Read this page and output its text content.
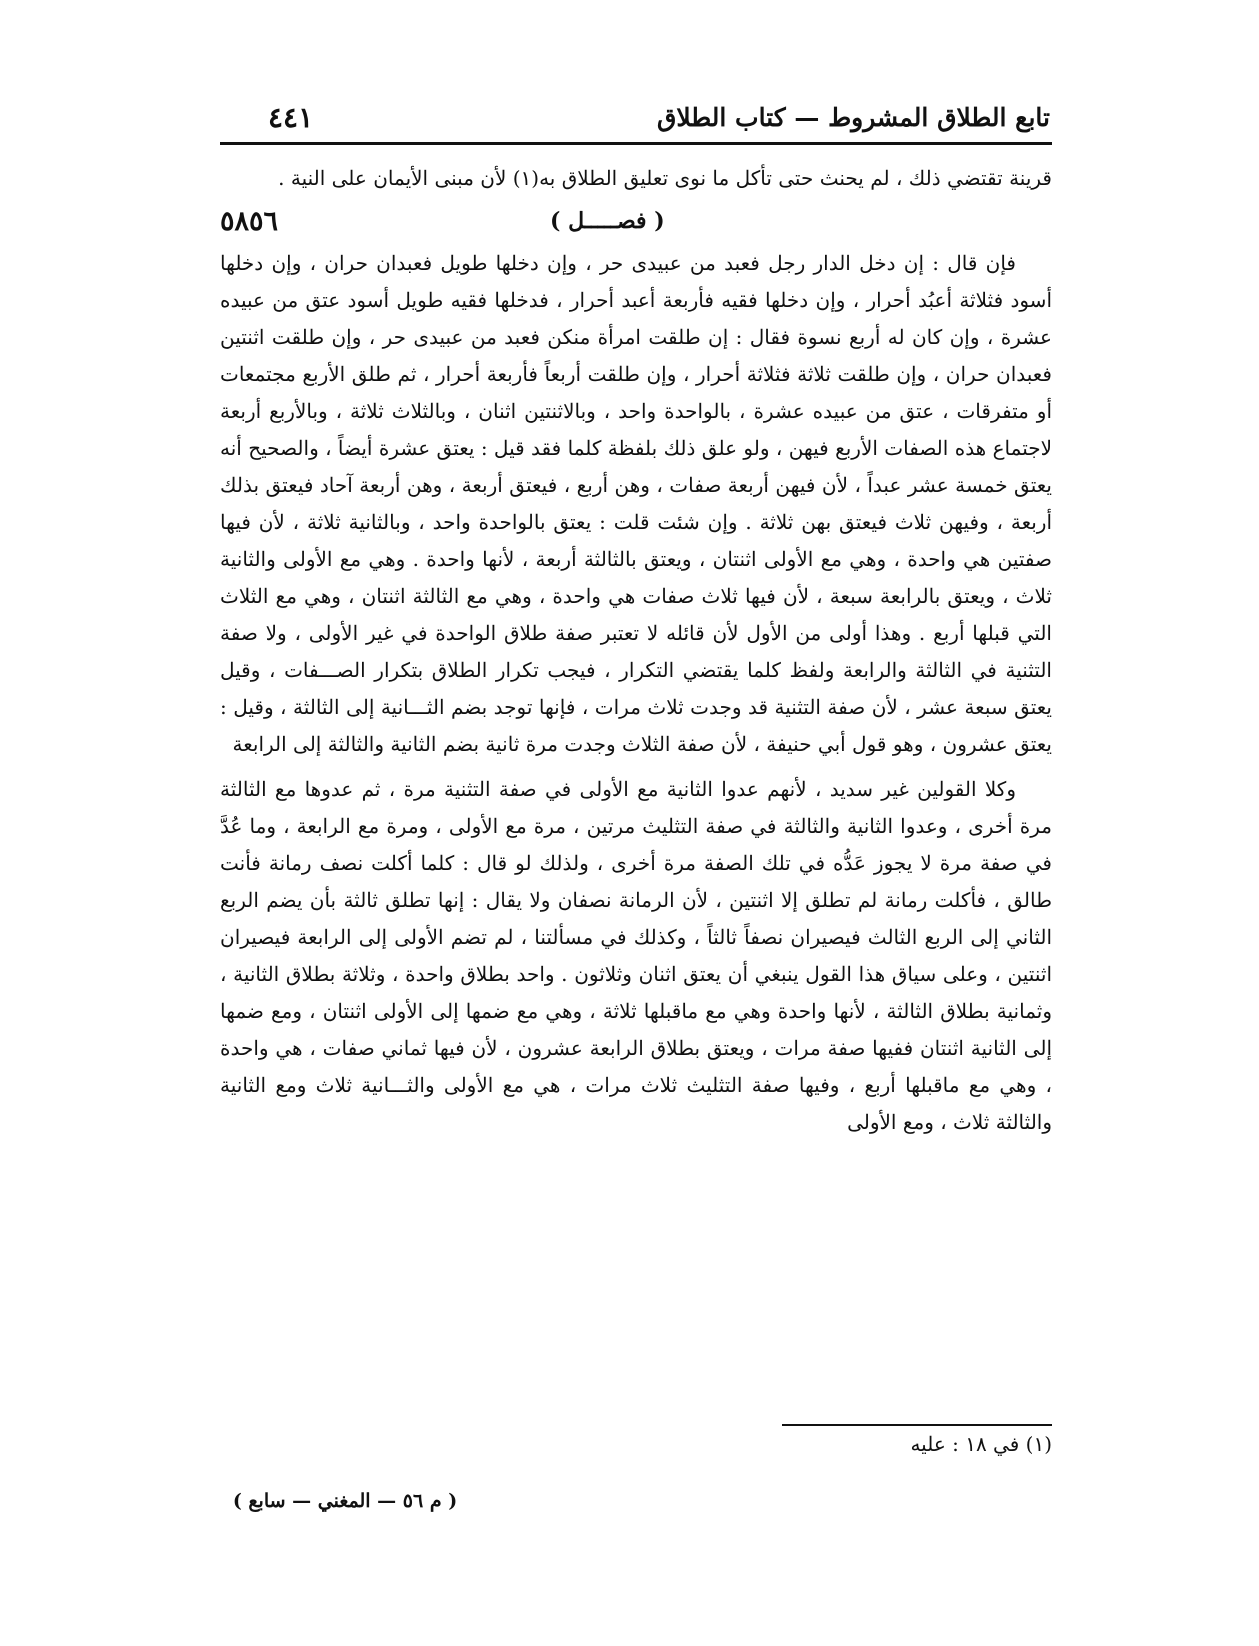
تابع الطلاق المشروط — كتاب الطلاق
٤٤١

قرينة تقتضي ذلك ، لم يحنث حتى تأكل ما نوى تعليق الطلاق به(١) لأن مبنى الأيمان على النية .

٥٨٥٦	( فصـــــل )

فإن قال : إن دخل الدار رجل فعبد من عبيدى حر ، وإن دخلها طويل فعبدان حران ، وإن دخلها أسود فثلاثة أعبُد أحرار ، وإن دخلها فقيه فأربعة أعبد أحرار ، فدخلها فقيه طويل أسود عتق من عبيده عشرة ، وإن كان له أربع نسوة فقال : إن طلقت امرأة منكن فعبد من عبيدى حر ، وإن طلقت اثنتين فعبدان حران ، وإن طلقت ثلاثة فثلاثة أحرار ، وإن طلقت أربعاً فأربعة أحرار ، ثم طلق الأربع مجتمعات أو متفرقات ، عتق من عبيده عشرة ، بالواحدة واحد ، وبالاثنتين اثنان ، وبالثلاث ثلاثة ، وبالأربع أربعة لاجتماع هذه الصفات الأربع فيهن ، ولو علق ذلك بلفظة كلما فقد قيل : يعتق عشرة أيضاً ، والصحيح أنه يعتق خمسة عشر عبداً ، لأن فيهن أربعة صفات ، وهن أربع ، فيعتق أربعة ، وهن أربعة آحاد فيعتق بذلك أربعة ، وفيهن ثلاث فيعتق بهن ثلاثة . وإن شئت قلت : يعتق بالواحدة واحد ، وبالثانية ثلاثة ، لأن فيها صفتين هي واحدة ، وهي مع الأولى اثنتان ، ويعتق بالثالثة أربعة ، لأنها واحدة . وهي مع الأولى والثانية ثلاث ، ويعتق بالرابعة سبعة ، لأن فيها ثلاث صفات هي واحدة ، وهي مع الثالثة اثنتان ، وهي مع الثلاث التي قبلها أربع . وهذا أولى من الأول لأن قائله لا تعتبر صفة طلاق الواحدة في غير الأولى ، ولا صفة التثنية في الثالثة والرابعة ولفظ كلما يقتضي التكرار ، فيجب تكرار الطلاق بتكرار الصـــفات ، وقيل يعتق سبعة عشر ، لأن صفة التثنية قد وجدت ثلاث مرات ، فإنها توجد بضم الثـــانية إلى الثالثة ، وقيل : يعتق عشرون ، وهو قول أبي حنيفة ، لأن صفة الثلاث وجدت مرة ثانية بضم الثانية والثالثة إلى الرابعة

وكلا القولين غير سديد ، لأنهم عدوا الثانية مع الأولى في صفة التثنية مرة ، ثم عدوها مع الثالثة مرة أخرى ، وعدوا الثانية والثالثة في صفة التثليث مرتين ، مرة مع الأولى ، ومرة مع الرابعة ، وما عُدَّ في صفة مرة لا يجوز عَدُّه في تلك الصفة مرة أخرى ، ولذلك لو قال : كلما أكلت نصف رمانة فأنت طالق ، فأكلت رمانة لم تطلق إلا اثنتين ، لأن الرمانة نصفان ولا يقال : إنها تطلق ثالثة بأن يضم الربع الثاني إلى الربع الثالث فيصيران نصفاً ثالثاً ، وكذلك في مسألتنا ، لم تضم الأولى إلى الرابعة فيصيران اثنتين ، وعلى سياق هذا القول ينبغي أن يعتق اثنان وثلاثون . واحد بطلاق واحدة ، وثلاثة بطلاق الثانية ، وثمانية بطلاق الثالثة ، لأنها واحدة وهي مع ماقبلها ثلاثة ، وهي مع ضمها إلى الأولى اثنتان ، ومع ضمها إلى الثانية اثنتان ففيها صفة مرات ، ويعتق بطلاق الرابعة عشرون ، لأن فيها ثماني صفات ، هي واحدة ، وهي مع ماقبلها أربع ، وفيها صفة التثليث ثلاث مرات ، هي مع الأولى والثـــانية ثلاث ومع الثانية والثالثة ثلاث ، ومع الأولى

(١) في ١٨ : عليه
( م ٥٦ — المغني — سابع )
